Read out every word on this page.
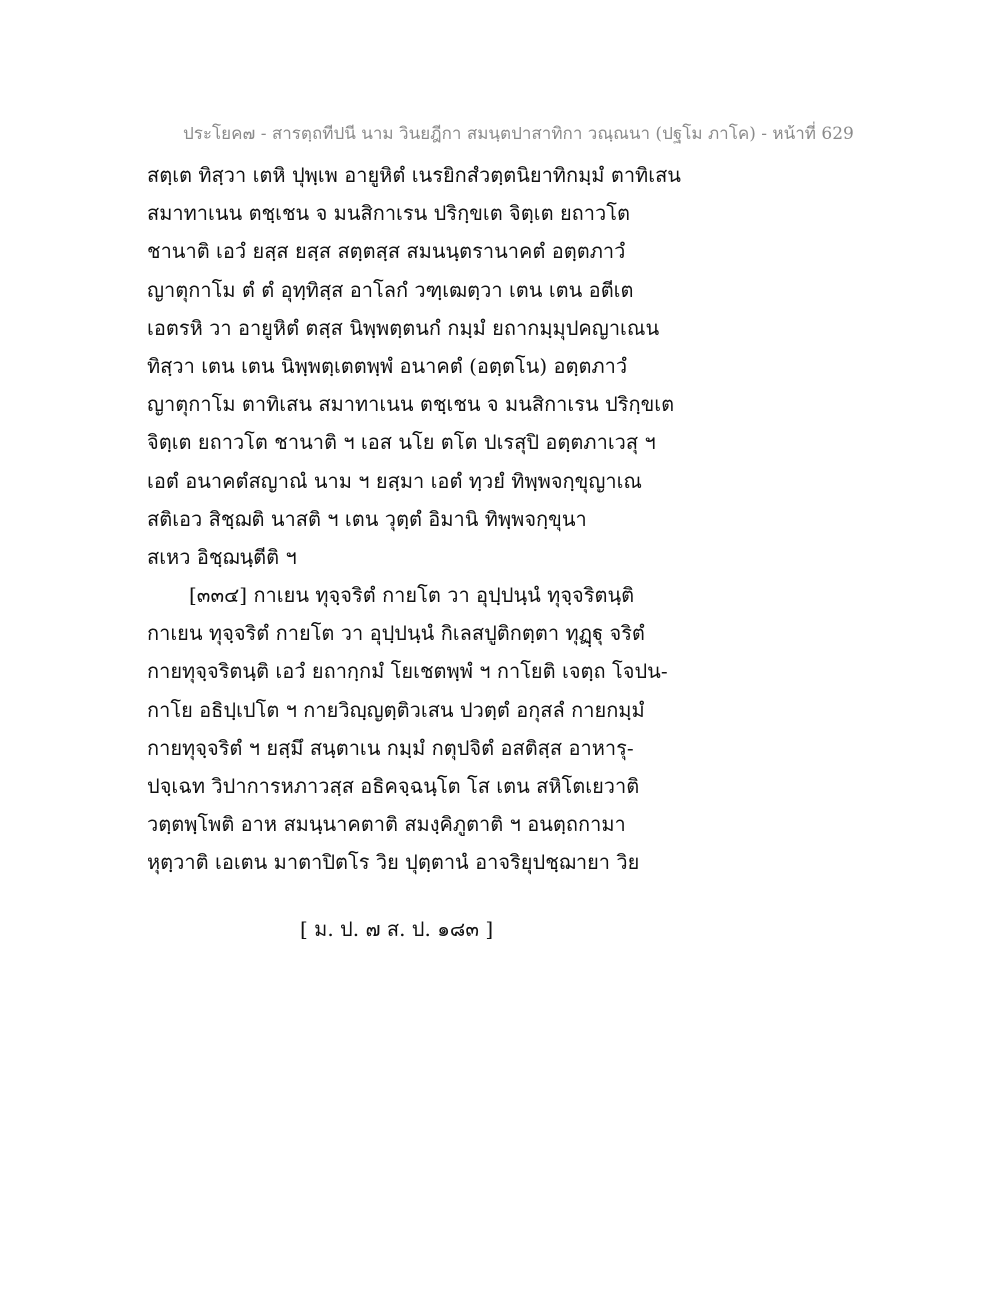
ประโยค๗ - สารตฺถทีปนี นาม วินยฎีกา สมนฺตปาสาทิกา วณฺณนา (ปฐโม ภาโค) - หน้าที่ 629
สตฺเต ทิสฺวา เตหิ ปุพฺเพ อายูหิตํ เนรยิกสํวตฺตนิยาทิกมฺมํ ตาทิเสน
สมาทาเนน ตชฺเชน จ มนสิกาเรน ปริกฺขเต จิตฺเต ยถาวโต
ชานาติ เอวํ ยสฺส ยสฺส สตฺตสฺส สมนนฺตรานาคตํ อตฺตภาวํ
ญาตุกาโม ตํ ตํ อุทฺทิสฺส อาโลกํ วฑฺเฒตฺวา เตน เตน อตีเต
เอตรหิ วา อายูหิตํ ตสฺส นิพฺพตฺตนกํ กมฺมํ ยถากมฺมุปคญาเณน
ทิสฺวา เตน เตน นิพฺพตฺเตตพฺพํ อนาคตํ (อตฺตโน) อตฺตภาวํ
ญาตุกาโม ตาทิเสน สมาทาเนน ตชฺเชน จ มนสิกาเรน ปริกฺขเต
จิตฺเต ยถาวโต ชานาติ ฯ เอส นโย ตโต ปเรสุปิ อตฺตภาเวสุ ฯ
เอตํ อนาคตํสญาณํ นาม ฯ ยสฺมา เอตํ ทฺวยํ ทิพฺพจกฺขุญาเณ
สติเอว สิชฺฌติ นาสติ ฯ เตน วุตฺตํ อิมานิ ทิพฺพจกฺขุนา
สเหว อิชฺฌนฺตีติ ฯ
[๓๓๔] กาเยน ทุจฺจริตํ กายโต วา อุปฺปนฺนํ ทุจฺจริตนฺติ
กาเยน ทุจฺจริตํ กายโต วา อุปฺปนฺนํ กิเลสปูติกตฺตา ทุฏฺฐุ จริตํ
กายทุจฺจริตนฺติ เอวํ ยถากฺกมํ โยเชตพฺพํ ฯ กาโยติ เจตฺถ โจปน-
กาโย อธิปฺเปโต ฯ กายวิญฺญตฺติวเสน ปวตฺตํ อกุสลํ กายกมฺมํ
กายทุจฺจริตํ ฯ ยสฺมึ สนฺตาเน กมฺมํ กตุปจิตํ อสติสฺส อาหารุ-
ปจฺเฉท วิปาการหภาวสฺส อธิคจฺฉนฺโต โส เตน สหิโตเยวาติ
วตฺตพฺโพติ อาห สมนฺนาคตาติ สมงฺคิภูตาติ ฯ อนตฺถกามา
หุตฺวาติ เอเตน มาตาปิตโร วิย ปุตฺตานํ อาจริยุปชฺฌายา วิย
[ ม. ป. ๗ ส. ป. ๑๘๓ ]
